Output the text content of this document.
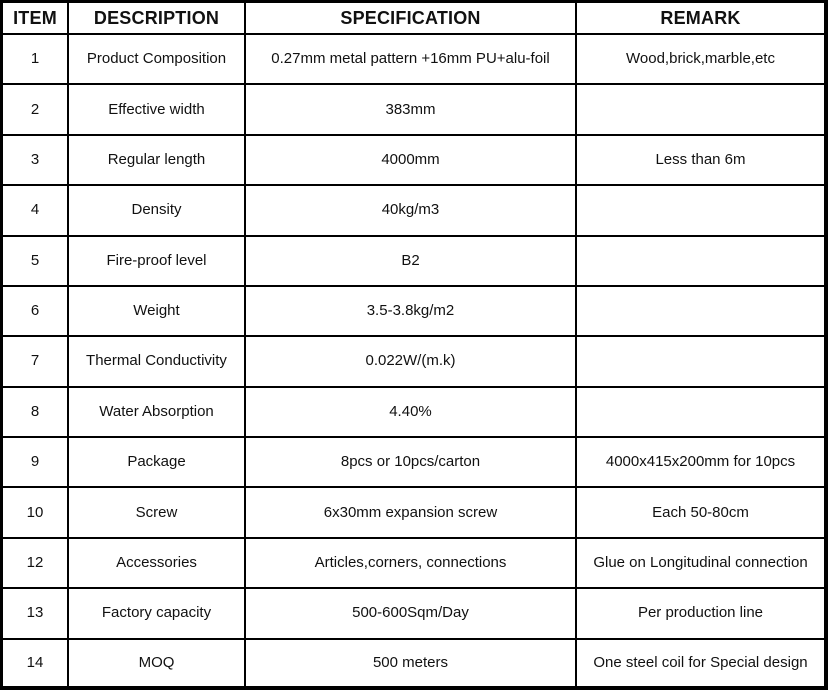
ITEM	DESCRIPTION	SPECIFICATION	REMARK
1	Product Composition	0.27mm metal pattern +16mm PU+alu-foil	Wood,brick,marble,etc
2	Effective width	383mm	
3	Regular length	4000mm	Less than 6m
4	Density	40kg/m3	
5	Fire-proof level	B2	
6	Weight	3.5-3.8kg/m2	
7	Thermal Conductivity	0.022W/(m.k)	
8	Water Absorption	4.40%	
9	Package	8pcs or 10pcs/carton	4000x415x200mm for 10pcs
10	Screw	6x30mm expansion screw	Each 50-80cm
12	Accessories	Articles,corners, connections	Glue on Longitudinal connection
13	Factory capacity	500-600Sqm/Day	Per production line
14	MOQ	500 meters	One steel coil for Special design
